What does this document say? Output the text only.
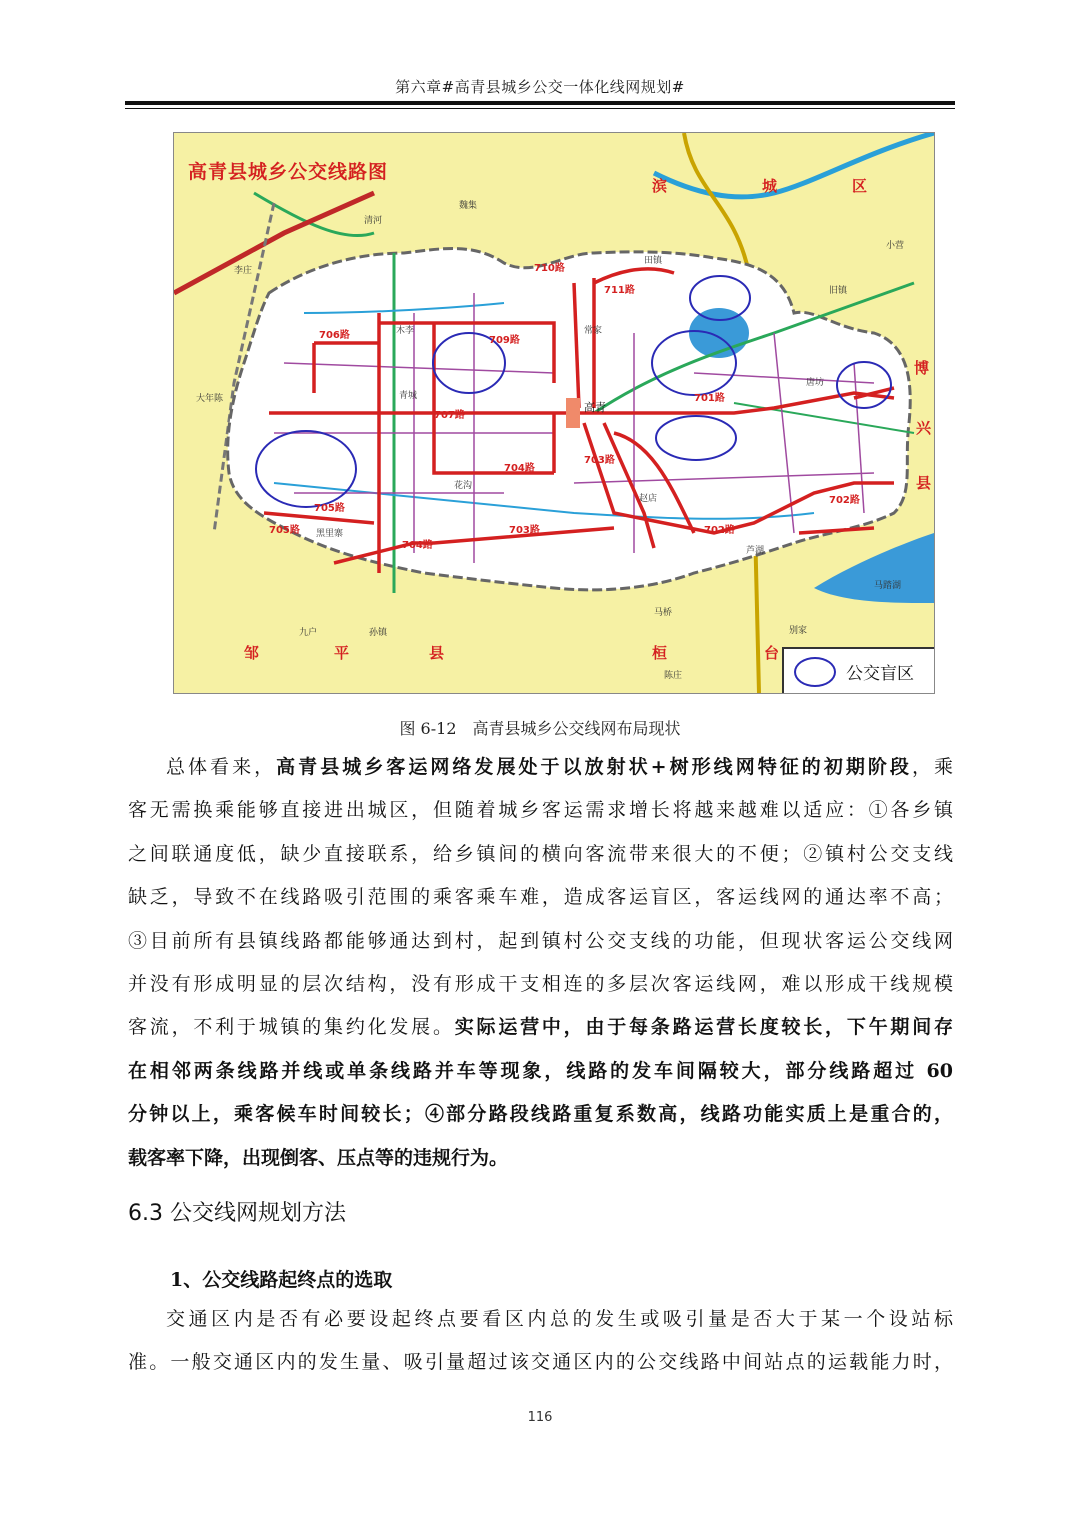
第六章#高青县城乡公交一体化线网规划#
滨	城	区
博
兴
县
邹	平	县	桓	台
701路
702路
703路
704路
705路
706路
707路
709路
710路
711路
702路
703路
704路
705路
李庄
大年陈
清河
魏集
小营
旧镇
高青
青城
木李
花沟
唐坊
常家
黑里寨
芦湖
马桥
孙镇
九户
陈庄
别家
马踏湖
田镇
赵店
高青县城乡公交线路图
公交盲区
图 6-12　高青县城乡公交线网布局现状
总体看来，高青县城乡客运网络发展处于以放射状+树形线网特征的初期阶段，乘
客无需换乘能够直接进出城区，但随着城乡客运需求增长将越来越难以适应：①各乡镇
之间联通度低，缺少直接联系，给乡镇间的横向客流带来很大的不便；②镇村公交支线
缺乏，导致不在线路吸引范围的乘客乘车难，造成客运盲区，客运线网的通达率不高；
③目前所有县镇线路都能够通达到村，起到镇村公交支线的功能，但现状客运公交线网
并没有形成明显的层次结构，没有形成干支相连的多层次客运线网，难以形成干线规模
客流，不利于城镇的集约化发展。实际运营中，由于每条路运营长度较长，下午期间存
在相邻两条线路并线或单条线路并车等现象，线路的发车间隔较大，部分线路超过 60
分钟以上，乘客候车时间较长；④部分路段线路重复系数高，线路功能实质上是重合的，
载客率下降，出现倒客、压点等的违规行为。
6.3 公交线网规划方法
1、公交线路起终点的选取
交通区内是否有必要设起终点要看区内总的发生或吸引量是否大于某一个设站标
准。一般交通区内的发生量、吸引量超过该交通区内的公交线路中间站点的运载能力时，
116
